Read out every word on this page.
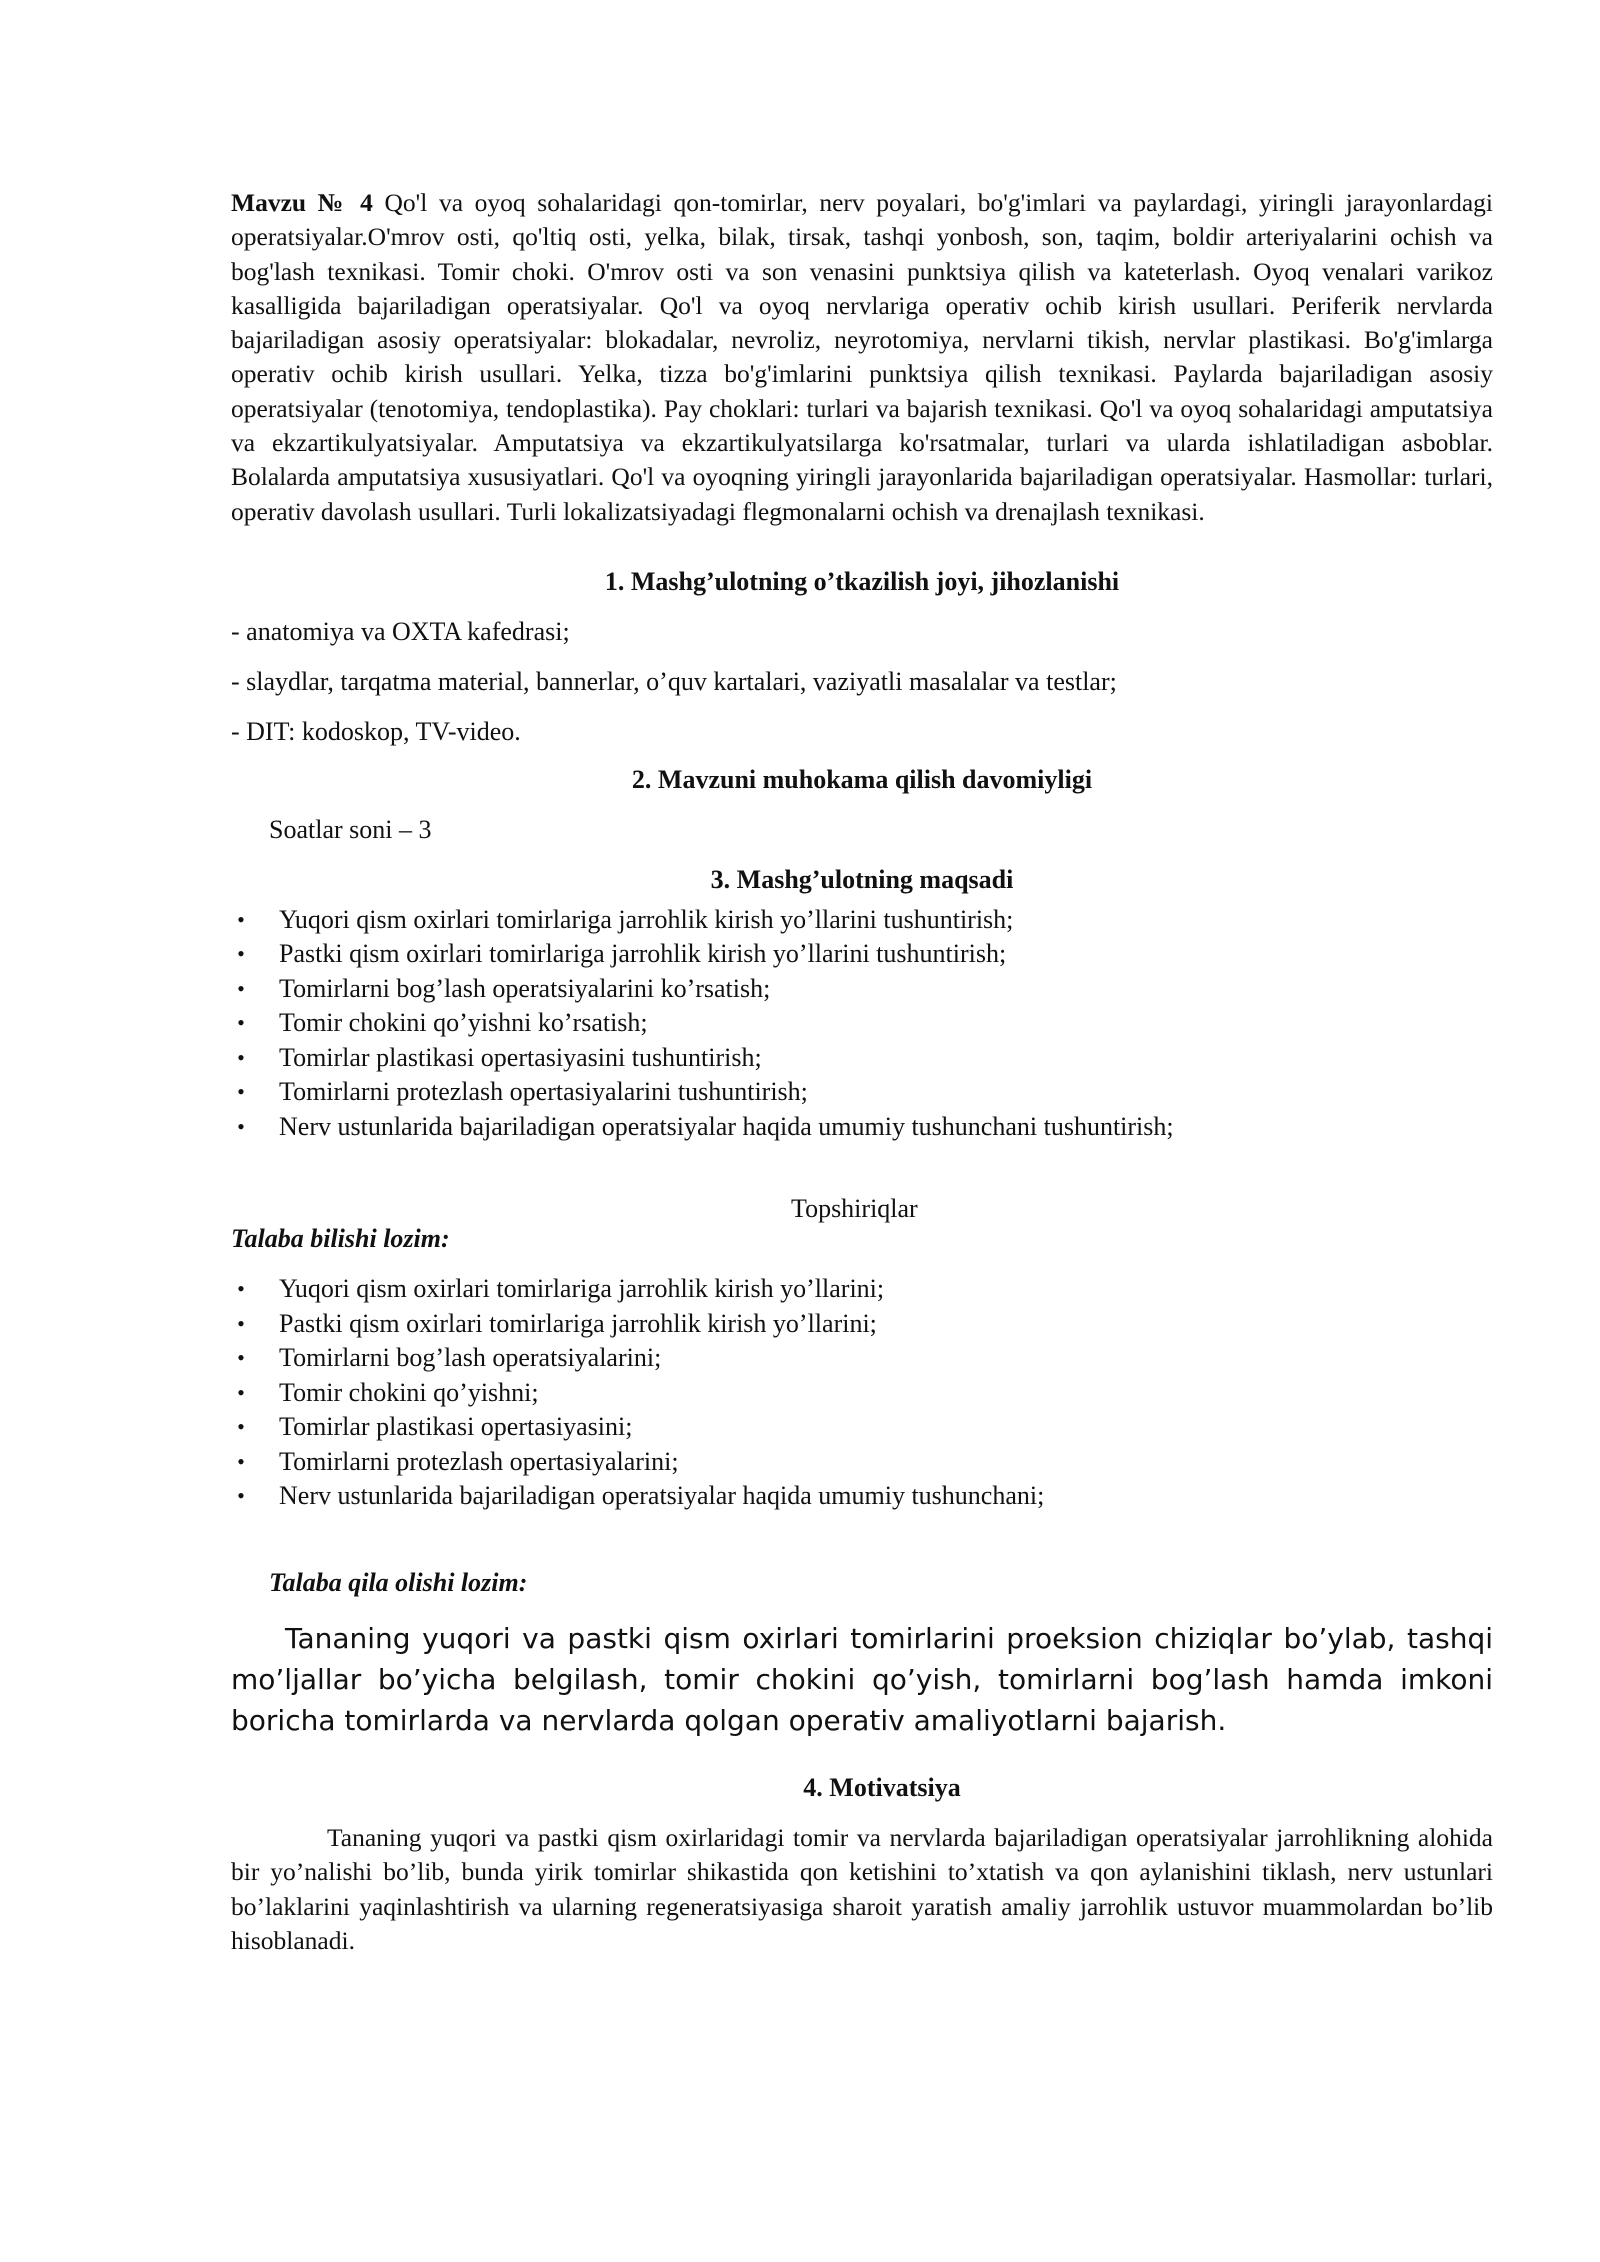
Mavzu № 4 Qo'l va oyoq sohalaridagi qon-tomirlar, nerv poyalari, bo'g'imlari va paylardagi, yiringli jarayonlardagi operatsiyalar.O'mrov osti, qo'ltiq osti, yelka, bilak, tirsak, tashqi yonbosh, son, taqim, boldir arteriyalarini ochish va bog'lash texnikasi. Tomir choki. O'mrov osti va son venasini punktsiya qilish va kateterlash. Oyoq venalari varikoz kasalligida bajariladigan operatsiyalar. Qo'l va oyoq nervlariga operativ ochib kirish usullari. Periferik nervlarda bajariladigan asosiy operatsiyalar: blokadalar, nevroliz, neyrotomiya, nervlarni tikish, nervlar plastikasi. Bo'g'imlarga operativ ochib kirish usullari. Yelka, tizza bo'g'imlarini punktsiya qilish texnikasi. Paylarda bajariladigan asosiy operatsiyalar (tenotomiya, tendoplastika). Pay choklari: turlari va bajarish texnikasi. Qo'l va oyoq sohalaridagi amputatsiya va ekzartikulyatsiyalar. Amputatsiya va ekzartikulyatsilarga ko'rsatmalar, turlari va ularda ishlatiladigan asboblar. Bolalarda amputatsiya xususiyatlari. Qo'l va oyoqning yiringli jarayonlarida bajariladigan operatsiyalar. Hasmollar: turlari, operativ davolash usullari. Turli lokalizatsiyadagi flegmonalarni ochish va drenajlash texnikasi.

1. Mashg’ulotning o’tkazilish joyi, jihozlanishi

- anatomiya va OXTA kafedrasi;

- slaydlar, tarqatma material, bannerlar, o’quv kartalari, vaziyatli masalalar va testlar;

- DIT: kodoskop, TV-video.

2. Mavzuni muhokama qilish davomiyligi

Soatlar soni – 3

3. Mashg’ulotning maqsadi

• Yuqori qism oxirlari tomirlariga jarrohlik kirish yo’llarini tushuntirish;
• Pastki qism oxirlari tomirlariga jarrohlik kirish yo’llarini tushuntirish;
• Tomirlarni bog’lash operatsiyalarini ko’rsatish;
• Tomir chokini qo’yishni ko’rsatish;
• Tomirlar plastikasi opertasiyasini tushuntirish;
• Tomirlarni protezlash opertasiyalarini tushuntirish;
• Nerv ustunlarida bajariladigan operatsiyalar haqida umumiy tushunchani tushuntirish;

Topshiriqlar

Talaba bilishi lozim:

• Yuqori qism oxirlari tomirlariga jarrohlik kirish yo’llarini;
• Pastki qism oxirlari tomirlariga jarrohlik kirish yo’llarini;
• Tomirlarni bog’lash operatsiyalarini;
• Tomir chokini qo’yishni;
• Tomirlar plastikasi opertasiyasini;
• Tomirlarni protezlash opertasiyalarini;
• Nerv ustunlarida bajariladigan operatsiyalar haqida umumiy tushunchani;

Talaba qila olishi lozim:

Tananing yuqori va pastki qism oxirlari tomirlarini proeksion chiziqlar bo’ylab, tashqi mo’ljallar bo’yicha belgilash, tomir chokini qo’yish, tomirlarni bog’lash hamda imkoni boricha tomirlarda va nervlarda qolgan operativ amaliyotlarni bajarish.

4. Motivatsiya

Tananing yuqori va pastki qism oxirlaridagi tomir va nervlarda bajariladigan operatsiyalar jarrohlikning alohida bir yo’nalishi bo’lib, bunda yirik tomirlar shikastida qon ketishini to’xtatish va qon aylanishini tiklash, nerv ustunlari bo’laklarini yaqinlashtirish va ularning regeneratsiyasiga sharoit yaratish amaliy jarrohlik ustuvor muammolardan bo’lib hisoblanadi.
